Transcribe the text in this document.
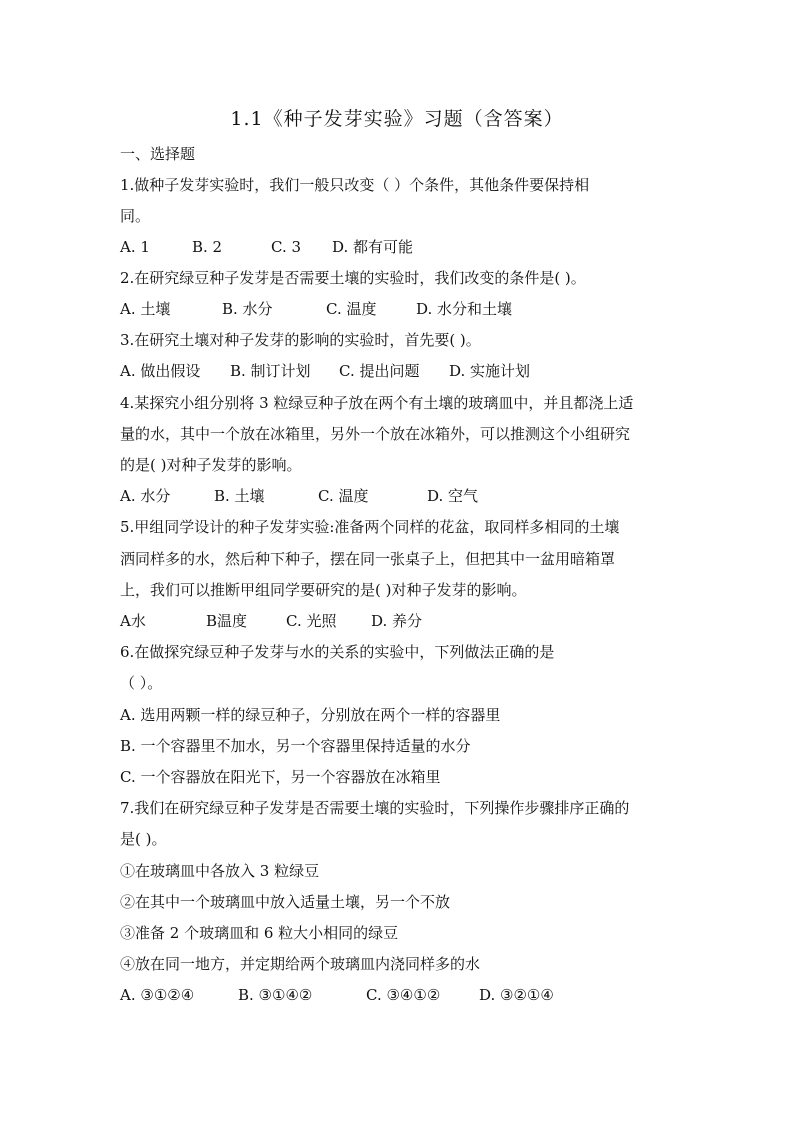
1.1《种子发芽实验》习题（含答案）
一、选择题
1.做种子发芽实验时，我们一般只改变（ ）个条件，其他条件要保持相
同。
A. 1	B. 2	C. 3 D. 都有可能
2.在研究绿豆种子发芽是否需要土壤的实验时，我们改变的条件是( )。
A. 土壤	B. 水分	C. 温度	D. 水分和土壤
3.在研究土壤对种子发芽的影响的实验时，首先要( )。
A. 做出假设 B. 制订计划 C. 提出问题 D. 实施计划
4.某探究小组分别将 3 粒绿豆种子放在两个有土壤的玻璃皿中，并且都浇上适
量的水，其中一个放在冰箱里，另外一个放在冰箱外，可以推测这个小组研究
的是( )对种子发芽的影响。
A. 水分	B. 土壤	C. 温度	D. 空气
5.甲组同学设计的种子发芽实验:准备两个同样的花盆，取同样多相同的土壤
洒同样多的水，然后种下种子，摆在同一张桌子上，但把其中一盆用暗箱罩
上，我们可以推断甲组同学要研究的是( )对种子发芽的影响。
A水	B温度	C. 光照 D. 养分
6.在做探究绿豆种子发芽与水的关系的实验中，下列做法正确的是
（ ）。
A. 选用两颗一样的绿豆种子，分别放在两个一样的容器里
B. 一个容器里不加水，另一个容器里保持适量的水分
C. 一个容器放在阳光下，另一个容器放在冰箱里
7.我们在研究绿豆种子发芽是否需要土壤的实验时，下列操作步骤排序正确的
是( )。
①在玻璃皿中各放入 3 粒绿豆
②在其中一个玻璃皿中放入适量土壤，另一个不放
③准备 2 个玻璃皿和 6 粒大小相同的绿豆
④放在同一地方，并定期给两个玻璃皿内浇同样多的水
A. ③①②④	B. ③①④②	C. ③④①②	D. ③②①④
